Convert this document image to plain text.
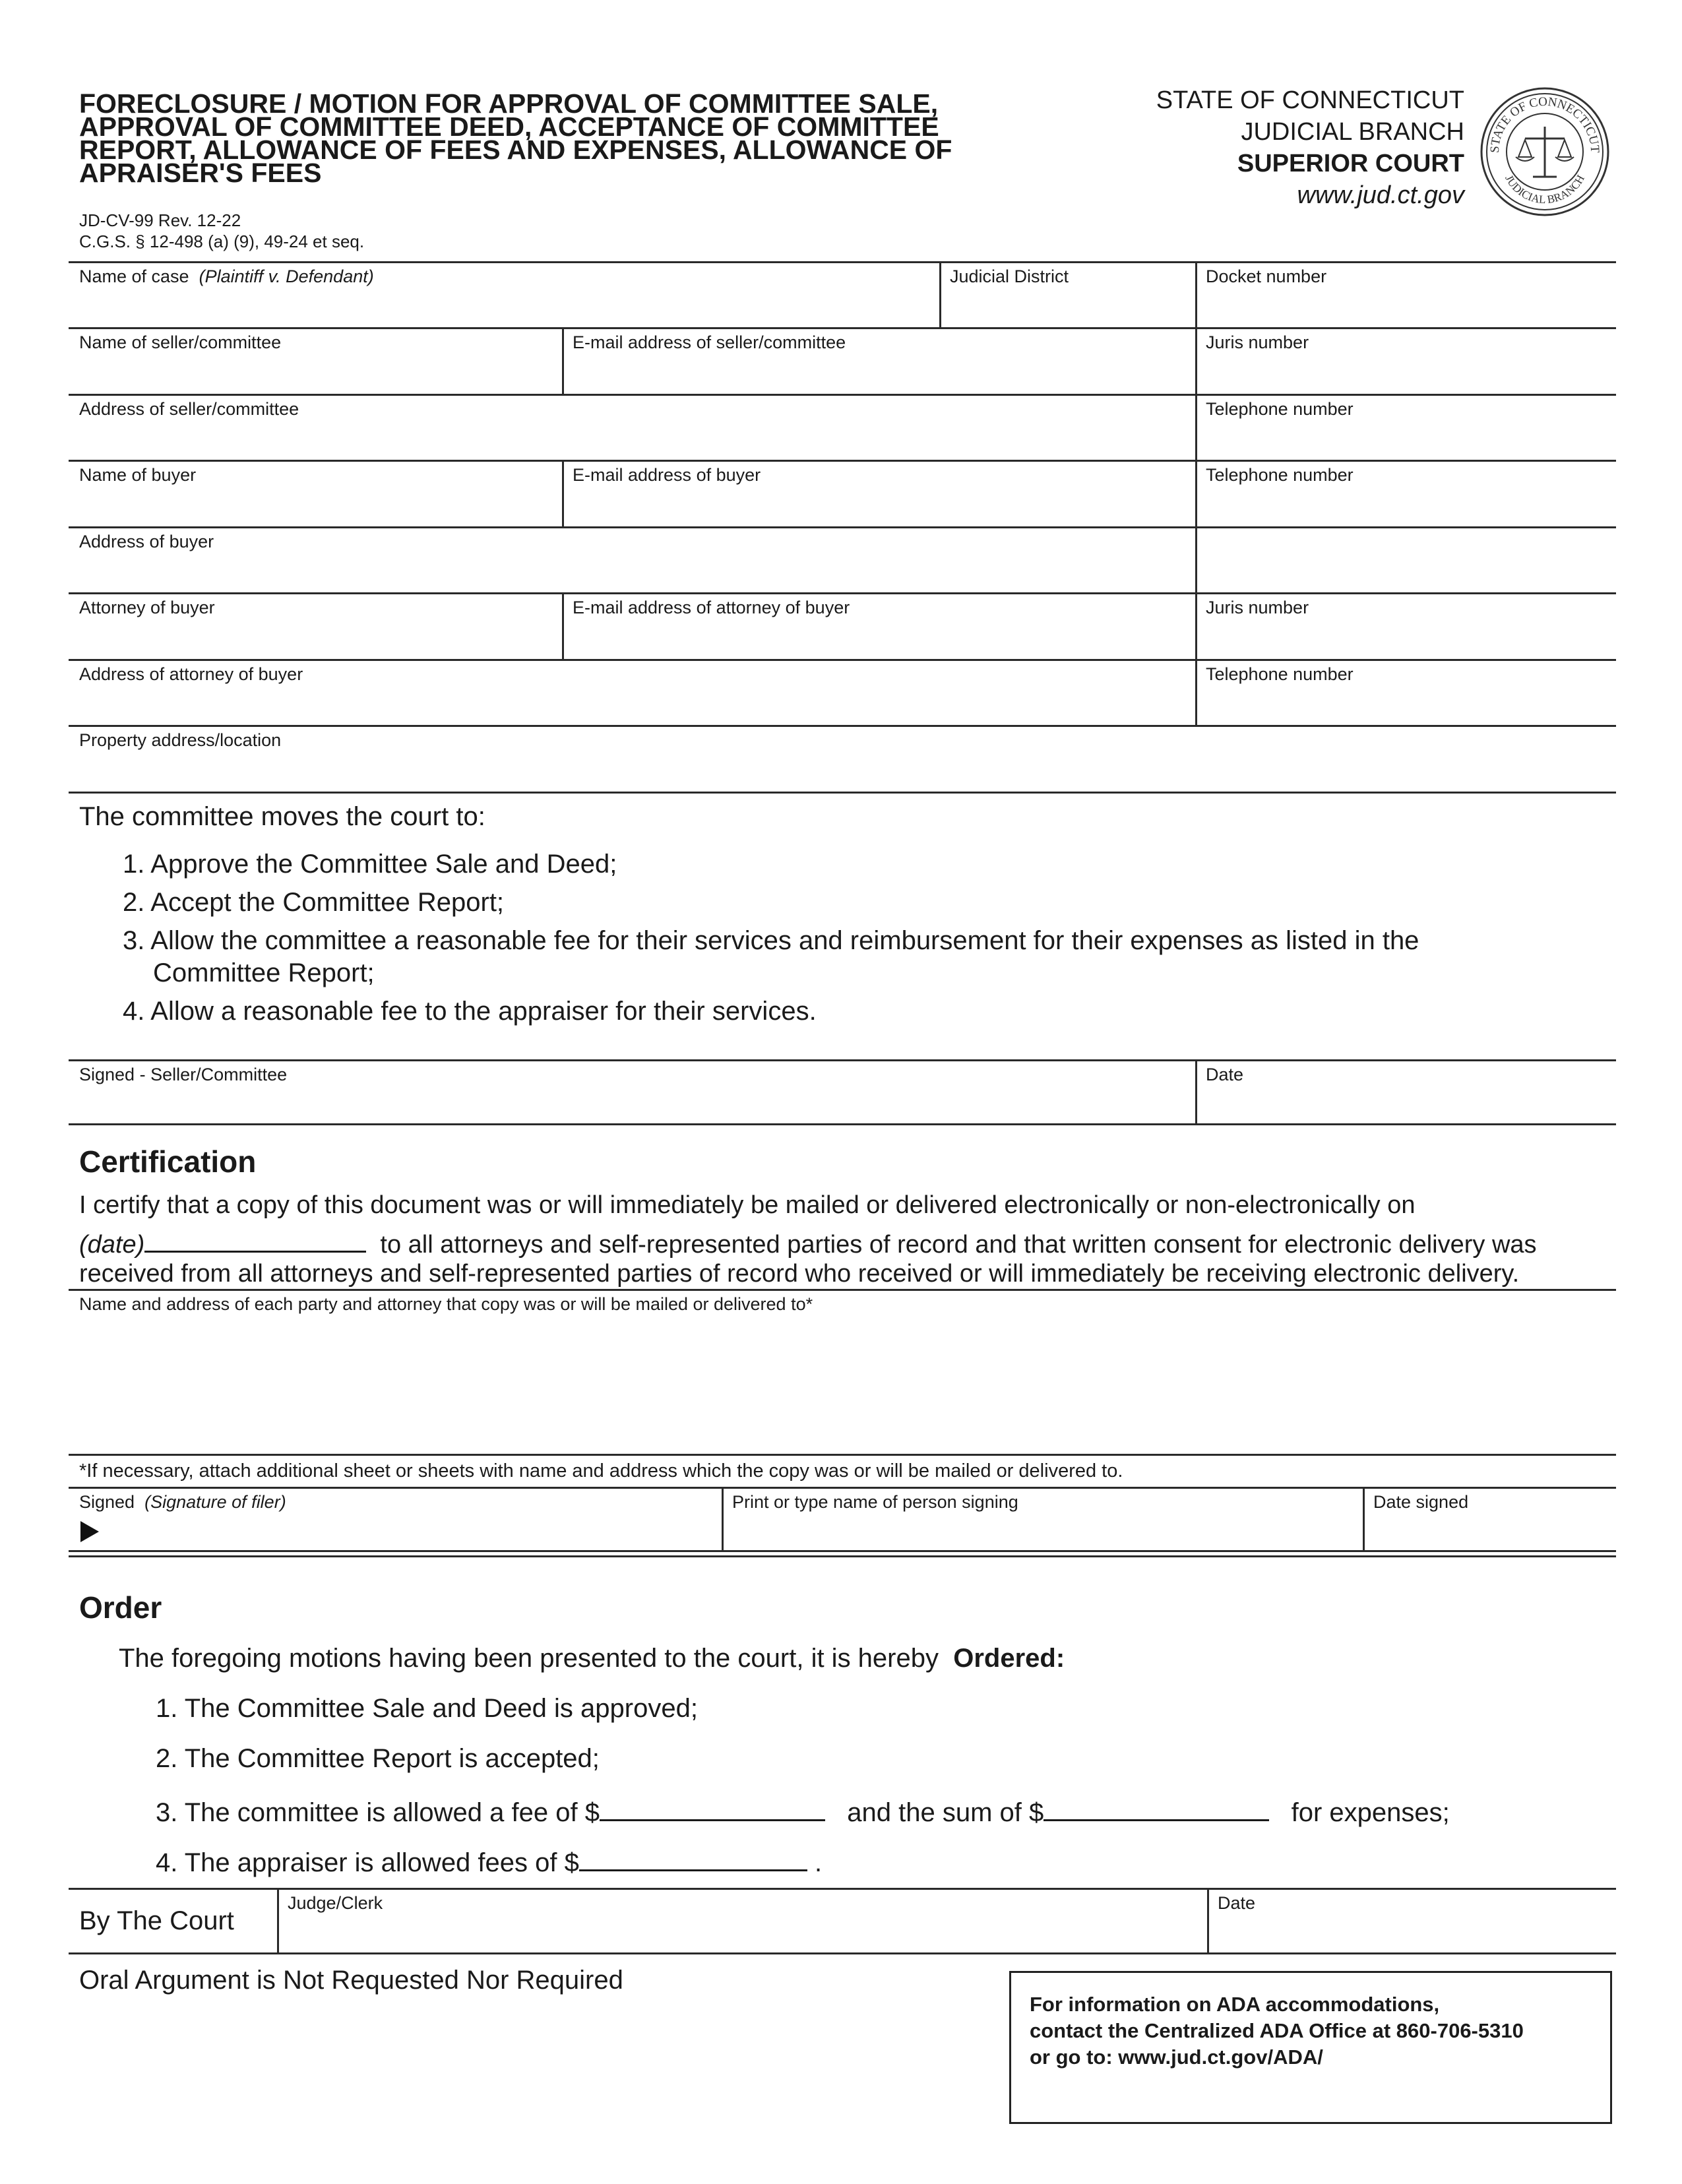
FORECLOSURE / MOTION FOR APPROVAL OF COMMITTEE SALE, APPROVAL OF COMMITTEE DEED, ACCEPTANCE OF COMMITTEE REPORT, ALLOWANCE OF FEES AND EXPENSES, ALLOWANCE OF APRAISER'S FEES
JD-CV-99 Rev. 12-22
C.G.S. § 12-498 (a) (9), 49-24 et seq.
STATE OF CONNECTICUT
JUDICIAL BRANCH
SUPERIOR COURT
www.jud.ct.gov
STATE OF CONNECTICUT
JUDICIAL BRANCH
Name of case (Plaintiff v. Defendant)	Judicial District	Docket number
Name of seller/committee	E-mail address of seller/committee	Juris number
Address of seller/committee	Telephone number
Name of buyer	E-mail address of buyer	Telephone number
Address of buyer
Attorney of buyer	E-mail address of attorney of buyer	Juris number
Address of attorney of buyer	Telephone number
Property address/location
The committee moves the court to:
1. Approve the Committee Sale and Deed;
2. Accept the Committee Report;
3. Allow the committee a reasonable fee for their services and reimbursement for their expenses as listed in the
Committee Report;
4. Allow a reasonable fee to the appraiser for their services.
Signed - Seller/Committee	Date
Certification
I certify that a copy of this document was or will immediately be mailed or delivered electronically or non-electronically on
(date)	to all attorneys and self-represented parties of record and that written consent for electronic delivery was
received from all attorneys and self-represented parties of record who received or will immediately be receiving electronic delivery.
Name and address of each party and attorney that copy was or will be mailed or delivered to*
*If necessary, attach additional sheet or sheets with name and address which the copy was or will be mailed or delivered to.
Signed (Signature of filer)	Print or type name of person signing	Date signed
Order
The foregoing motions having been presented to the court, it is hereby Ordered:
1. The Committee Sale and Deed is approved;
2. The Committee Report is accepted;
3. The committee is allowed a fee of $	and the sum of $	for expenses;
4. The appraiser is allowed fees of $	.
By The Court
Judge/Clerk	Date
Oral Argument is Not Requested Nor Required
For information on ADA accommodations,
contact the Centralized ADA Office at 860-706-5310
or go to: www.jud.ct.gov/ADA/
